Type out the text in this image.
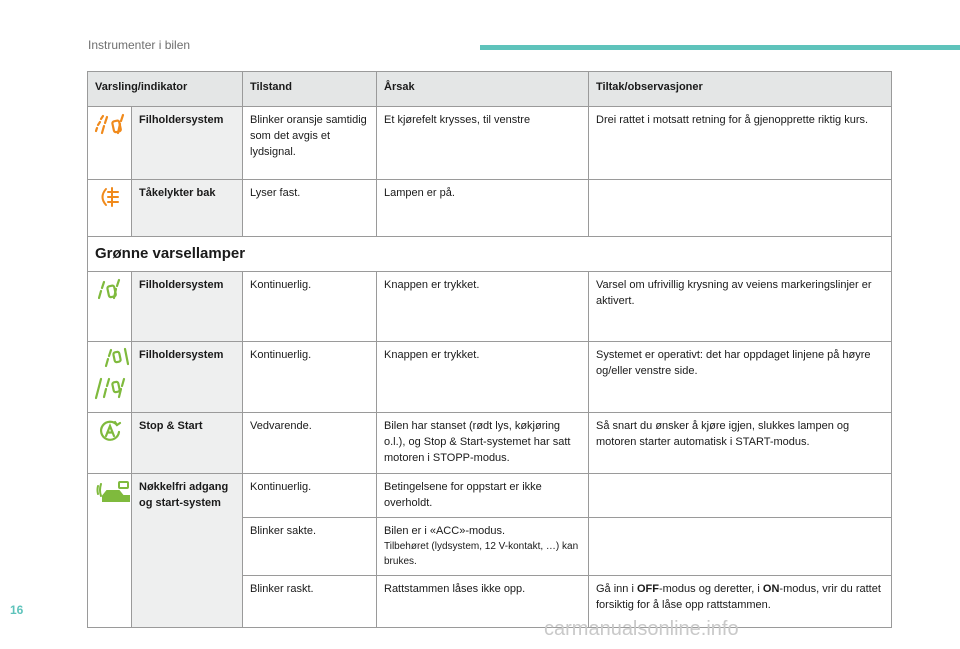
Instrumenter i bilen
Varsling/indikator		Tilstand	Årsak	Tiltak/observasjoner

	Filholdersystem	Blinker oransje samtidig som det avgis et lydsignal.	Et kjørefelt krysses, til venstre	Drei rattet i motsatt retning for å gjenopprette riktig kurs.

	Tåkelykter bak	Lyser fast.	Lampen er på.	
Grønne varsellamper				

	Filholdersystem	Kontinuerlig.	Knappen er trykket.	Varsel om ufrivillig krysning av veiens markeringslinjer er aktivert.

	Filholdersystem	Kontinuerlig.	Knappen er trykket.	Systemet er operativt: det har oppdaget linjene på høyre og/eller venstre side.

	Stop & Start	Vedvarende.	Bilen har stanset (rødt lys, køkjøring o.l.), og Stop & Start-systemet har satt motoren i STOPP-modus.	Så snart du ønsker å kjøre igjen, slukkes lampen og motoren starter automatisk i START-modus.

	Nøkkelfri adgang og start-system	Kontinuerlig.	Betingelsene for oppstart er ikke overholdt.	
		Blinker sakte.	Bilen er i «ACC»-modus.
Tilbehøret (lydsystem, 12 V-kontakt, …) kan brukes.	

		Blinker raskt.	Rattstammen låses ikke opp.	Gå inn i OFF-modus og deretter, i ON-modus, vrir du rattet forsiktig for å låse opp rattstammen.
16
carmanualsonline.info
